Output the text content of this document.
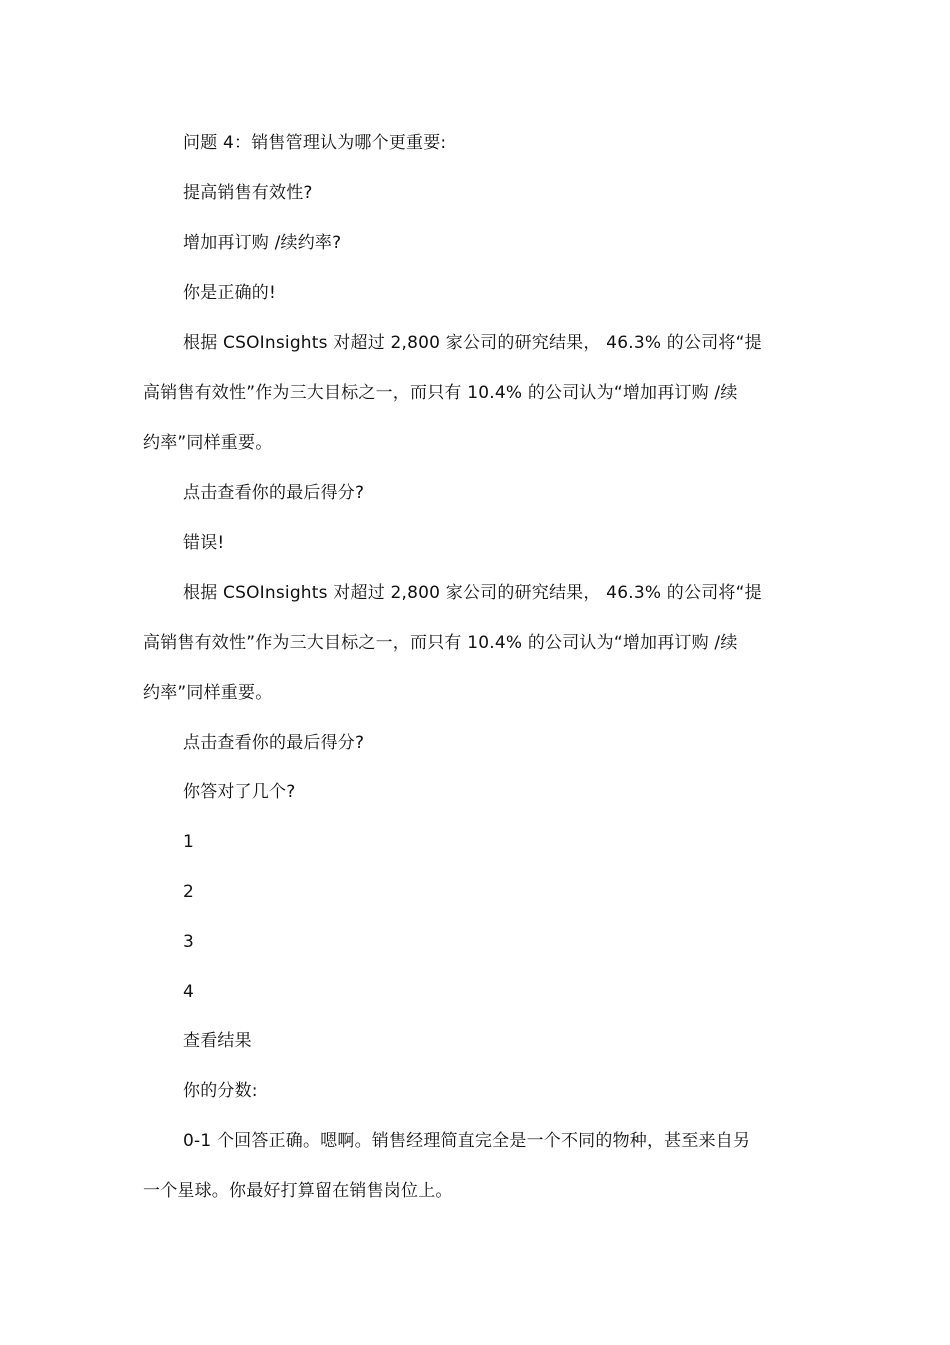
问题 4：销售管理认为哪个更重要:
提高销售有效性?
增加再订购 /续约率?
你是正确的!
根据 CSOInsights 对超过 2,800 家公司的研究结果， 46.3% 的公司将“提
高销售有效性”作为三大目标之一，而只有 10.4% 的公司认为“增加再订购 /续
约率”同样重要。
点击查看你的最后得分?
错误!
根据 CSOInsights 对超过 2,800 家公司的研究结果， 46.3% 的公司将“提
高销售有效性”作为三大目标之一，而只有 10.4% 的公司认为“增加再订购 /续
约率”同样重要。
点击查看你的最后得分?
你答对了几个?
1
2
3
4
查看结果
你的分数:
0-1 个回答正确。嗯啊。销售经理简直完全是一个不同的物种，甚至来自另
一个星球。你最好打算留在销售岗位上。
